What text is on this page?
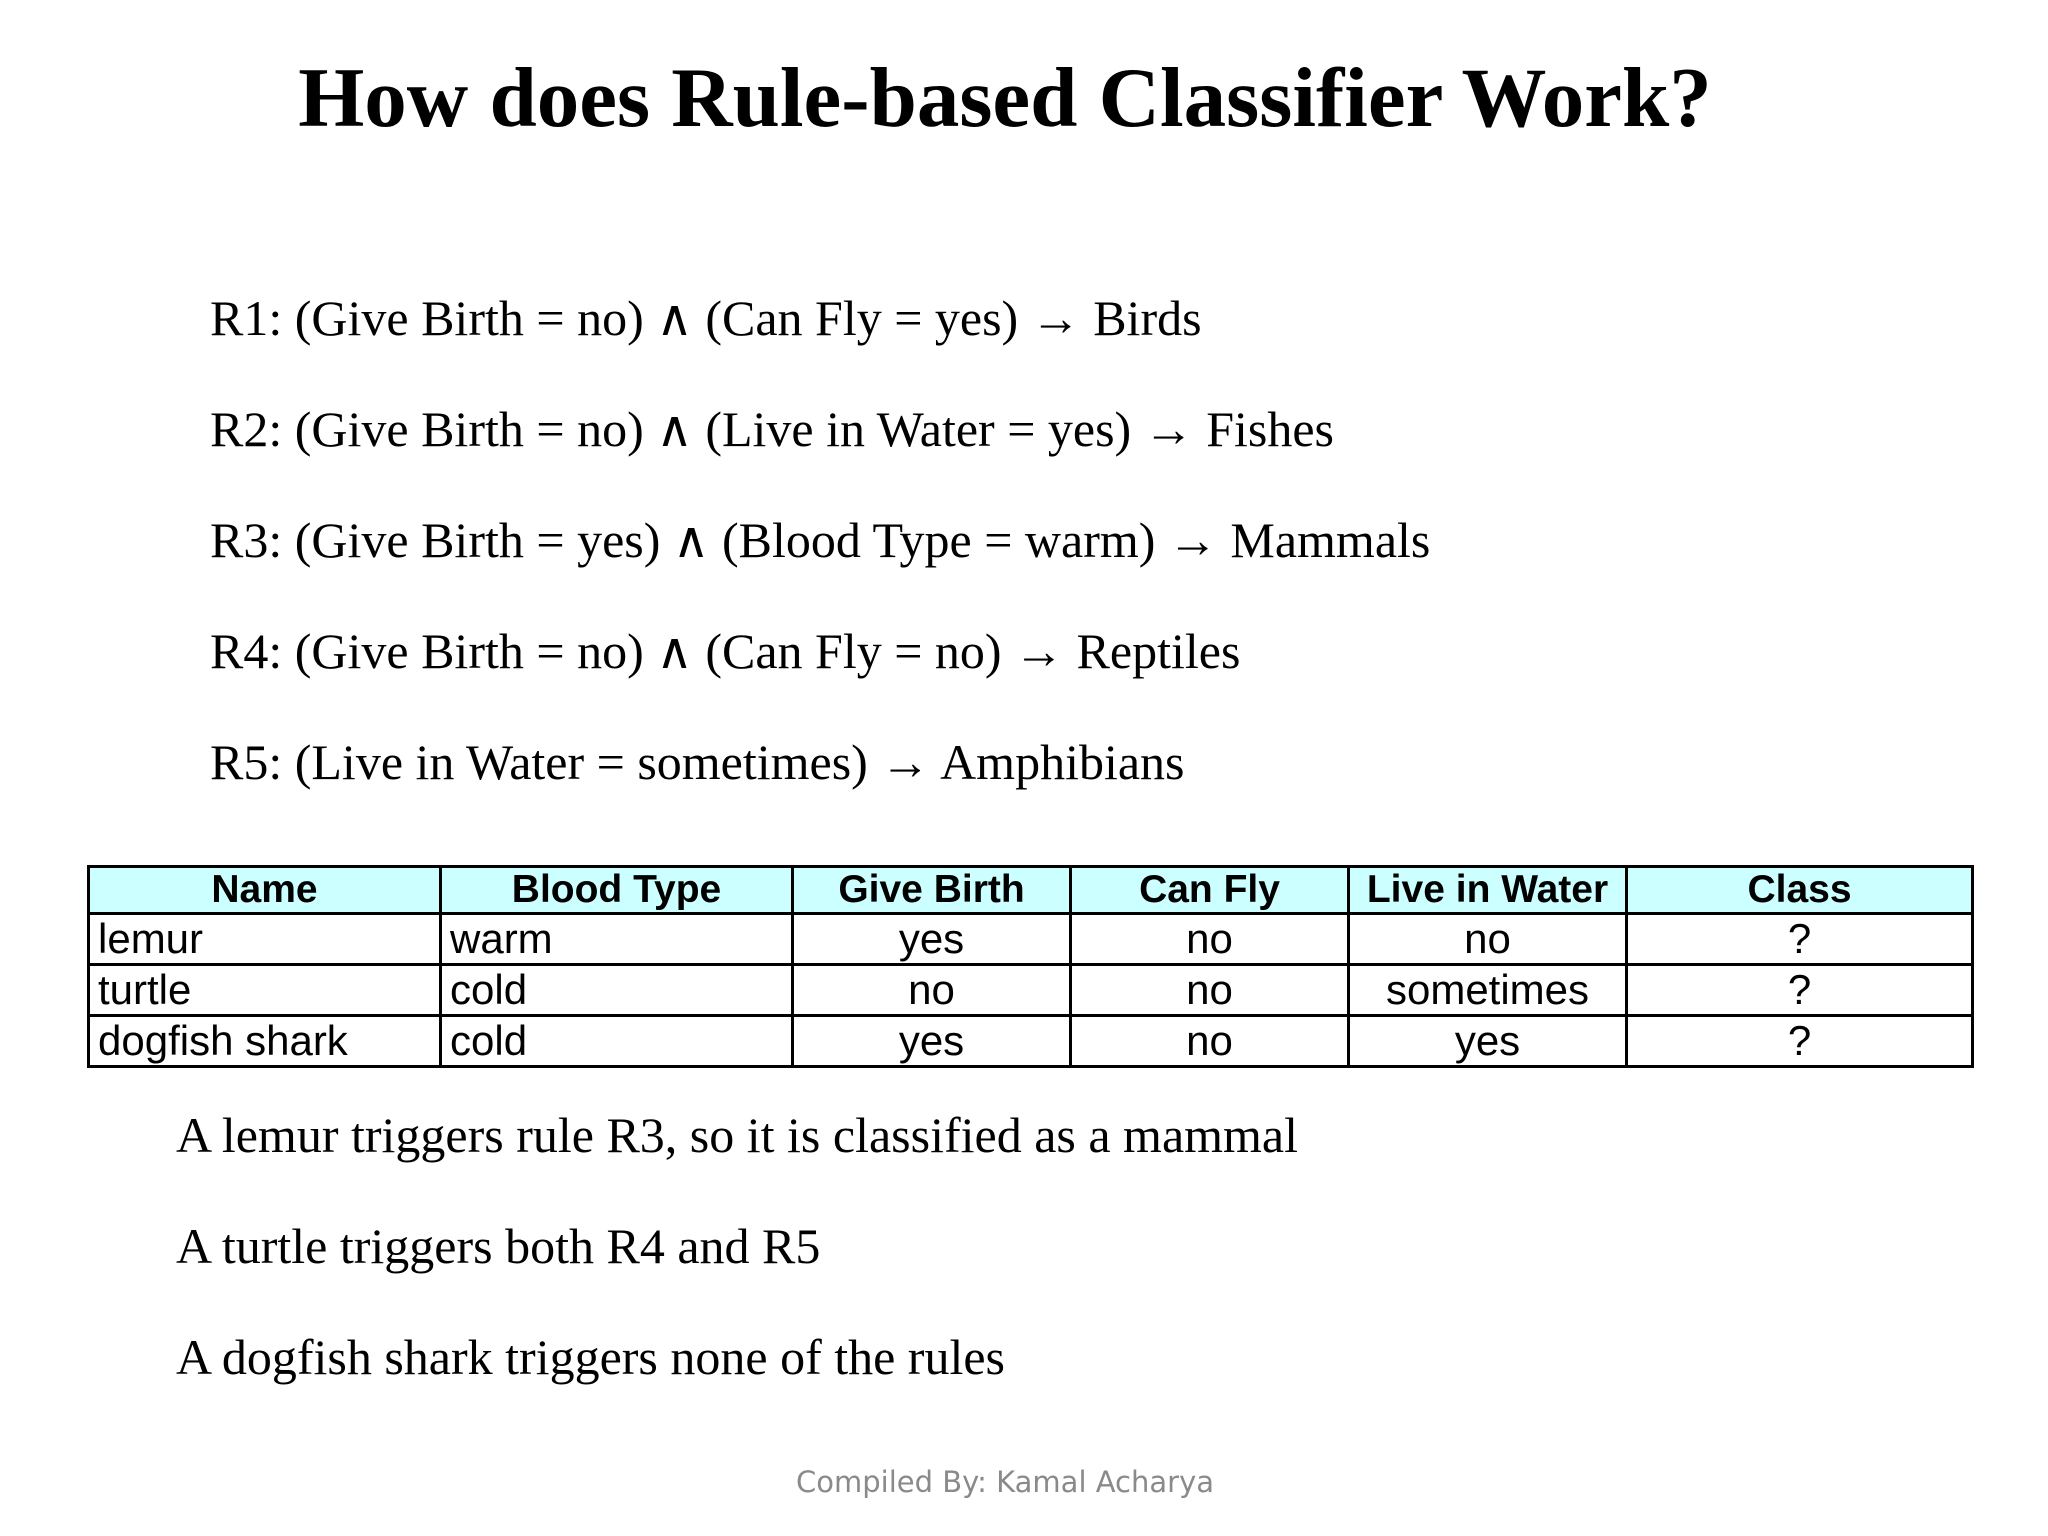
How does Rule-based Classifier Work?
R1: (Give Birth = no) ∧ (Can Fly = yes) → Birds
R2: (Give Birth = no) ∧ (Live in Water = yes) → Fishes
R3: (Give Birth = yes) ∧ (Blood Type = warm) → Mammals
R4: (Give Birth = no) ∧ (Can Fly = no) → Reptiles
R5: (Live in Water = sometimes) → Amphibians
Name	Blood Type	Give Birth	Can Fly	Live in Water	Class
lemur	warm	yes	no	no	?
turtle	cold	no	no	sometimes	?
dogfish shark	cold	yes	no	yes	?
A lemur triggers rule R3, so it is classified as a mammal
A turtle triggers both R4 and R5
A dogfish shark triggers none of the rules
Compiled By: Kamal Acharya
